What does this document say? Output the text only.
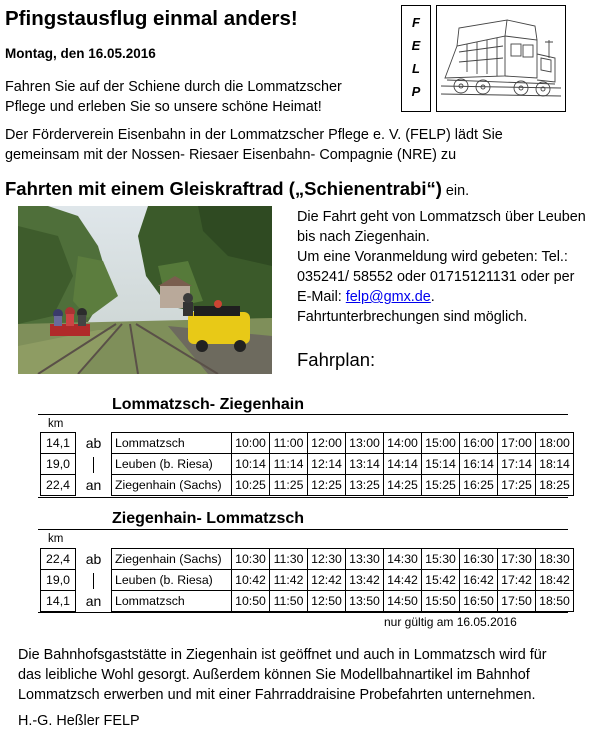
Pfingstausflug einmal anders!
Montag, den 16.05.2016
Fahren Sie auf der Schiene durch die Lommatzscher
Pflege und erleben Sie so unsere schöne Heimat!
F
E
L
P
Der Förderverein Eisenbahn in der Lommatzscher Pflege e. V. (FELP) lädt Sie
gemeinsam mit der Nossen- Riesaer Eisenbahn- Compagnie (NRE) zu
Fahrten mit einem Gleiskraftrad („Schienentrabi“) ein.
Die Fahrt geht von Lommatzsch über Leuben
bis nach Ziegenhain.
Um eine Voranmeldung wird gebeten: Tel.:
035241/ 58552 oder 01715121131 oder per
E-Mail: felp@gmx.de.
Fahrtunterbrechungen sind möglich.
Fahrplan:
Lommatzsch- Ziegenhain
km
14,1	ab	Lommatzsch	10:00	11:00	12:00	13:00	14:00	15:00	16:00	17:00	18:00
19,0		Leuben (b. Riesa)	10:14	11:14	12:14	13:14	14:14	15:14	16:14	17:14	18:14
22,4	an	Ziegenhain (Sachs)	10:25	11:25	12:25	13:25	14:25	15:25	16:25	17:25	18:25
Ziegenhain- Lommatzsch
km
22,4	ab	Ziegenhain (Sachs)	10:30	11:30	12:30	13:30	14:30	15:30	16:30	17:30	18:30
19,0		Leuben (b. Riesa)	10:42	11:42	12:42	13:42	14:42	15:42	16:42	17:42	18:42
14,1	an	Lommatzsch	10:50	11:50	12:50	13:50	14:50	15:50	16:50	17:50	18:50
nur gültig am 16.05.2016
Die Bahnhofsgaststätte in Ziegenhain ist geöffnet und auch in Lommatzsch wird für
das leibliche Wohl gesorgt. Außerdem können Sie Modellbahnartikel im Bahnhof
Lommatzsch erwerben und mit einer Fahrraddraisine Probefahrten unternehmen.
H.-G. Heßler FELP
